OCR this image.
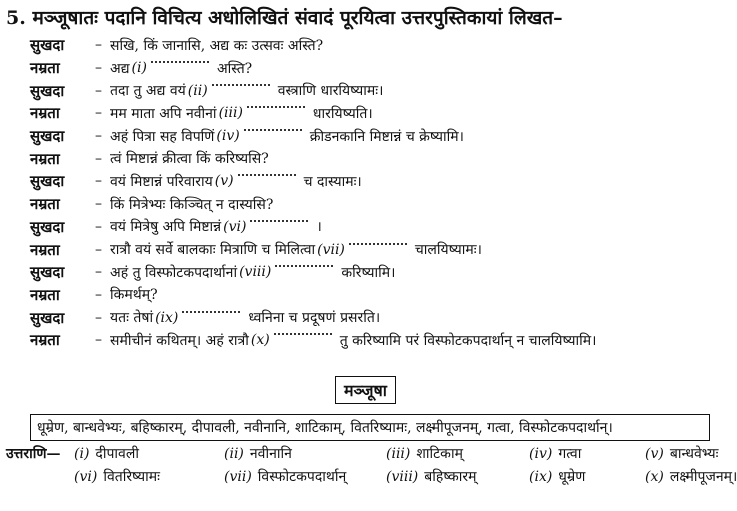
5. मञ्जूषातः पदानि विचित्य अधोलिखितं संवादं पूरयित्वा उत्तरपुस्तिकायां लिखत–
सुखदा	– सखि, किं जानासि, अद्य कः उत्सवः अस्ति?
नम्रता	– अद्य (i)	अस्ति?
सुखदा	– तदा तु अद्य वयं (ii)	वस्त्राणि धारयिष्यामः।
नम्रता	– मम माता अपि नवीनां (iii)	धारयिष्यति।
सुखदा	– अहं पित्रा सह विपणिं (iv)	क्रीडनकानि मिष्टान्नं च क्रेष्यामि।
नम्रता	– त्वं मिष्टान्नं क्रीत्वा किं करिष्यसि?
सुखदा	– वयं मिष्टान्नं परिवाराय (v)	च दास्यामः।
नम्रता	– किं मित्रेभ्यः किञ्चित् न दास्यसि?
सुखदा	– वयं मित्रेषु अपि मिष्टान्नं (vi)	।
नम्रता	– रात्रौ वयं सर्वे बालकाः मित्राणि च मिलित्वा (vii)	चालयिष्यामः।
सुखदा	– अहं तु विस्फोटकपदार्थानां (viii)	करिष्यामि।
नम्रता	– किमर्थम्?
सुखदा	– यतः तेषां (ix)	ध्वनिना च प्रदूषणं प्रसरति।
नम्रता	– समीचीनं कथितम्। अहं रात्रौ (x)	तु करिष्यामि परं विस्फोटकपदार्थान् न चालयिष्यामि।
मञ्जूषा
धूम्रेण, बान्धवेभ्यः, बहिष्कारम्, दीपावली, नवीनानि, शाटिकाम्, वितरिष्यामः, लक्ष्मीपूजनम्, गत्वा, विस्फोटकपदार्थान्।
उत्तराणि— (i) दीपावली	(ii) नवीनानि	(iii) शाटिकाम्	(iv) गत्वा	(v) बान्धवेभ्यः
(vi) वितरिष्यामः	(vii) विस्फोटकपदार्थान्	(viii) बहिष्कारम्	(ix) धूम्रेण	(x) लक्ष्मीपूजनम्।
